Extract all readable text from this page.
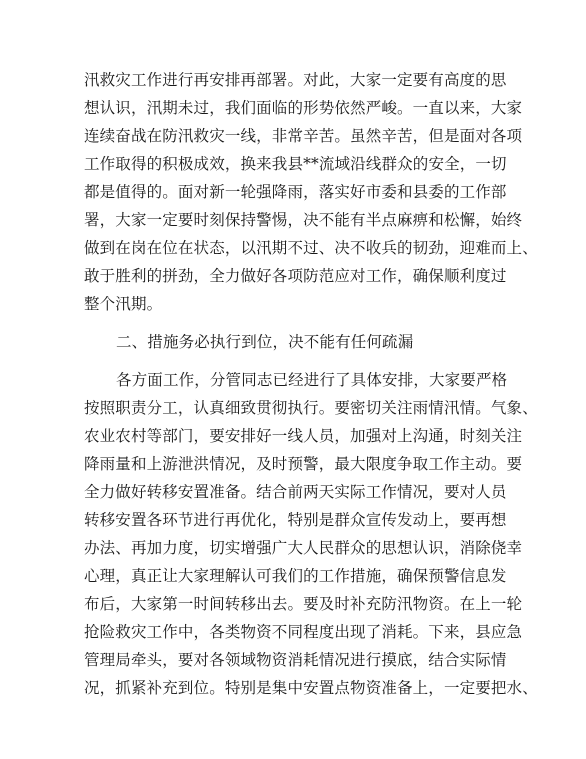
汛救灾工作进行再安排再部署。对此，大家一定要有高度的思
想认识，汛期未过，我们面临的形势依然严峻。一直以来，大家
连续奋战在防汛救灾一线，非常辛苦。虽然辛苦，但是面对各项
工作取得的积极成效，换来我县**流域沿线群众的安全，一切
都是值得的。面对新一轮强降雨，落实好市委和县委的工作部
署，大家一定要时刻保持警惕，决不能有半点麻痹和松懈，始终
做到在岗在位在状态，以汛期不过、决不收兵的韧劲，迎难而上、
敢于胜利的拼劲，全力做好各项防范应对工作，确保顺利度过
整个汛期。
二、措施务必执行到位，决不能有任何疏漏
各方面工作，分管同志已经进行了具体安排，大家要严格
按照职责分工，认真细致贯彻执行。要密切关注雨情汛情。气象、
农业农村等部门，要安排好一线人员，加强对上沟通，时刻关注
降雨量和上游泄洪情况，及时预警，最大限度争取工作主动。要
全力做好转移安置准备。结合前两天实际工作情况，要对人员
转移安置各环节进行再优化，特别是群众宣传发动上，要再想
办法、再加力度，切实增强广大人民群众的思想认识，消除侥幸
心理，真正让大家理解认可我们的工作措施，确保预警信息发
布后，大家第一时间转移出去。要及时补充防汛物资。在上一轮
抢险救灾工作中，各类物资不同程度出现了消耗。下来，县应急
管理局牵头，要对各领域物资消耗情况进行摸底，结合实际情
况，抓紧补充到位。特别是集中安置点物资准备上，一定要把水、
